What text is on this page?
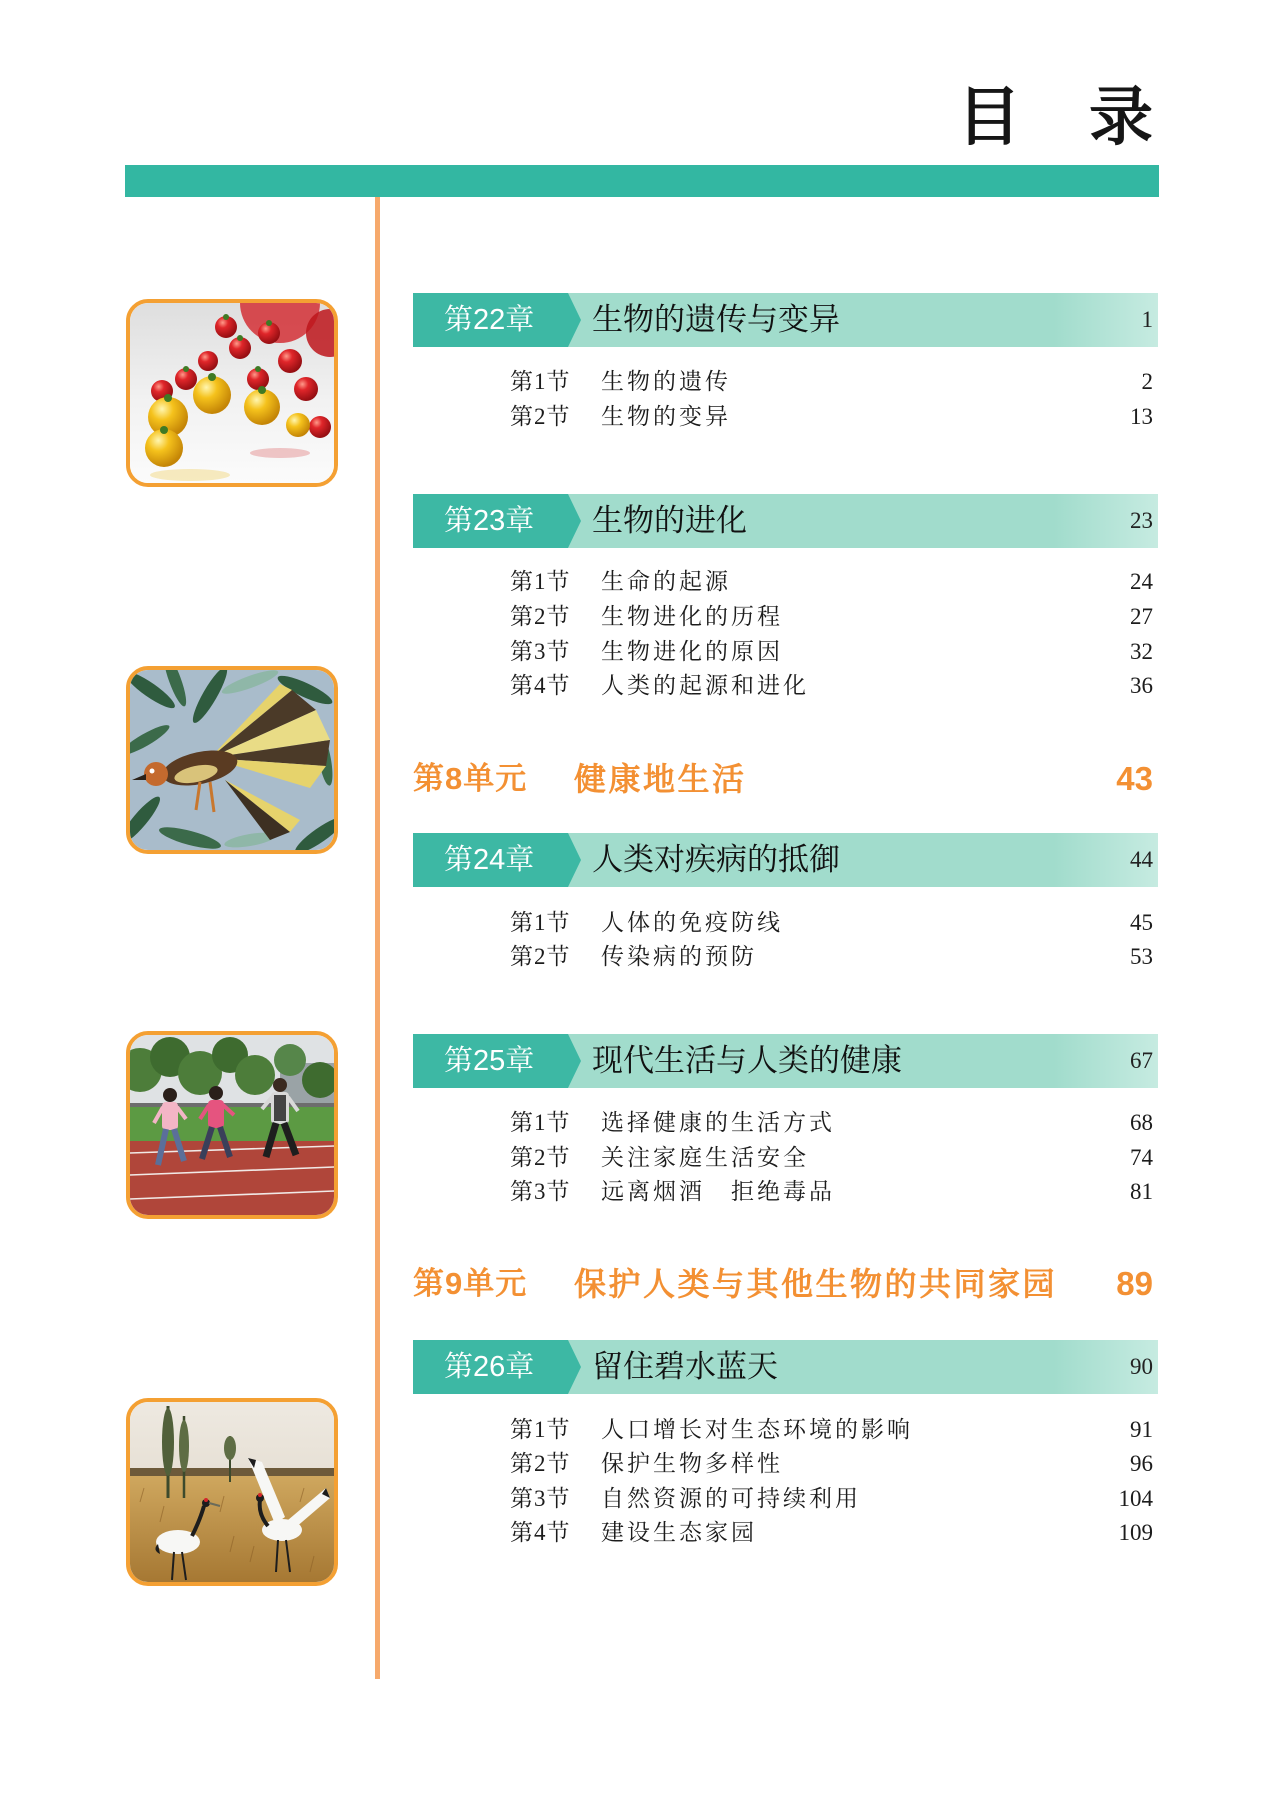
目 录
第22章 生物的遗传与变异	1
第1节 生物的遗传	2
第2节 生物的变异	13
第23章 生物的进化	23
第1节 生命的起源	24
第2节 生物进化的历程	27
第3节 生物进化的原因	32
第4节 人类的起源和进化	36
第8单元 健康地生活	43
第24章 人类对疾病的抵御	44
第1节 人体的免疫防线	45
第2节 传染病的预防	53
第25章 现代生活与人类的健康	67
第1节 选择健康的生活方式	68
第2节 关注家庭生活安全	74
第3节 远离烟酒　拒绝毒品	81
第9单元 保护人类与其他生物的共同家园 89
第26章 留住碧水蓝天	90
第1节 人口增长对生态环境的影响	91
第2节 保护生物多样性	96
第3节 自然资源的可持续利用	104
第4节 建设生态家园	109
